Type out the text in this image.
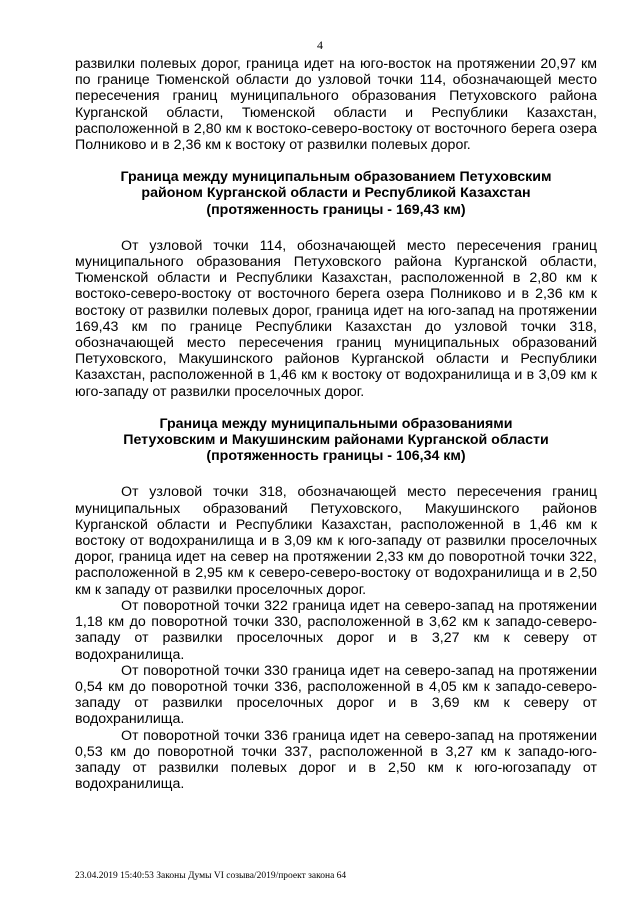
4

развилки полевых дорог, граница идет на юго-восток на протяжении 20,97 км по границе Тюменской области до узловой точки 114, обозначающей место пересечения границ муниципального образования Петуховского района Курганской области, Тюменской области и Республики Казахстан, расположенной в 2,80 км к востоко-северо-востоку от восточного берега озера Полниково и в 2,36 км к востоку от развилки полевых дорог.

Граница между муниципальным образованием Петуховским
районом Курганской области и Республикой Казахстан
(протяженность границы - 169,43 км)

От узловой точки 114, обозначающей место пересечения границ муниципального образования Петуховского района Курганской области, Тюменской области и Республики Казахстан, расположенной в 2,80 км к востоко-северо-востоку от восточного берега озера Полниково и в 2,36 км к востоку от развилки полевых дорог, граница идет на юго-запад на протяжении 169,43 км по границе Республики Казахстан до узловой точки 318, обозначающей место пересечения границ муниципальных образований Петуховского, Макушинского районов Курганской области и Республики Казахстан, расположенной в 1,46 км к востоку от водохранилища и в 3,09 км к юго-западу от развилки проселочных дорог.

Граница между муниципальными образованиями
Петуховским и Макушинским районами Курганской области
(протяженность границы - 106,34 км)

От узловой точки 318, обозначающей место пересечения границ муниципальных образований Петуховского, Макушинского районов Курганской области и Республики Казахстан, расположенной в 1,46 км к востоку от водохранилища и в 3,09 км к юго-западу от развилки проселочных дорог, граница идет на север на протяжении 2,33 км до поворотной точки 322, расположенной в 2,95 км к северо-северо-востоку от водохранилища и в 2,50 км к западу от развилки проселочных дорог.

От поворотной точки 322 граница идет на северо-запад на протяжении 1,18 км до поворотной точки 330, расположенной в 3,62 км к западо-северо-западу от развилки проселочных дорог и в 3,27 км к северу от водохранилища.

От поворотной точки 330 граница идет на северо-запад на протяжении 0,54 км до поворотной точки 336, расположенной в 4,05 км к западо-северо-западу от развилки проселочных дорог и в 3,69 км к северу от водохранилища.

От поворотной точки 336 граница идет на северо-запад на протяжении 0,53 км до поворотной точки 337, расположенной в 3,27 км к западо-юго-западу от развилки полевых дорог и в 2,50 км к юго-югозападу от водохранилища.

23.04.2019 15:40:53 Законы Думы VI созыва/2019/проект закона 64
